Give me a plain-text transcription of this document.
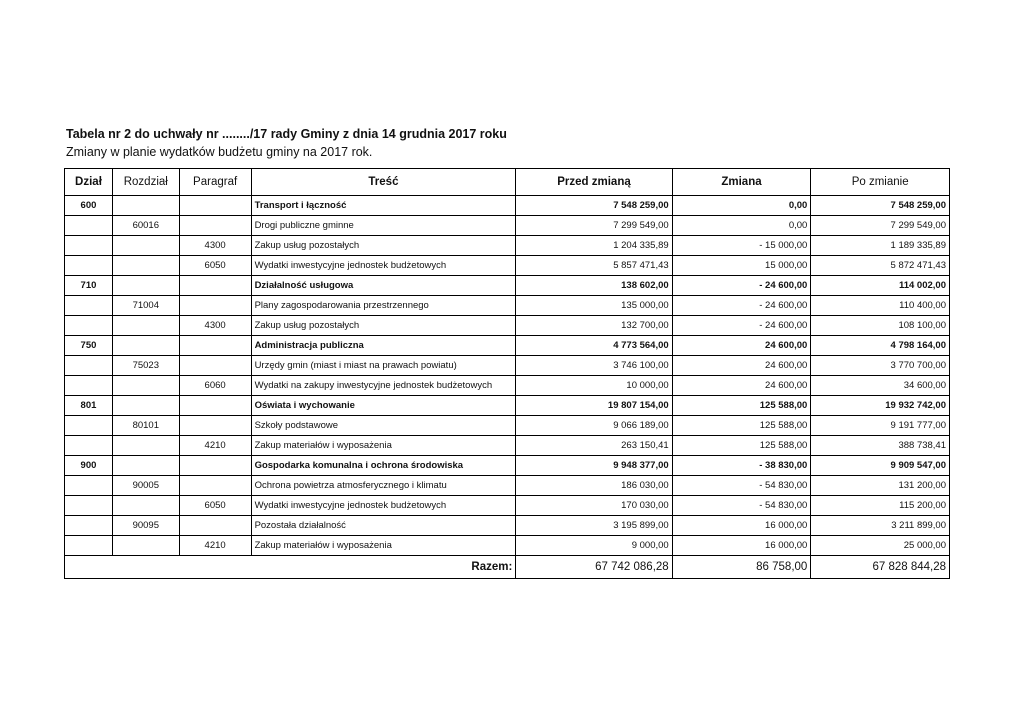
Tabela nr 2 do uchwały nr ......../17 rady Gminy z dnia 14 grudnia 2017 roku
Zmiany w planie wydatków budżetu gminy na 2017 rok.
Dział	Rozdział	Paragraf	Treść	Przed zmianą	Zmiana	Po zmianie
600			Transport i łączność	7 548 259,00	0,00	7 548 259,00
	60016		Drogi publiczne gminne	7 299 549,00	0,00	7 299 549,00
		4300	Zakup usług pozostałych	1 204 335,89	- 15 000,00	1 189 335,89
		6050	Wydatki inwestycyjne jednostek budżetowych	5 857 471,43	15 000,00	5 872 471,43
710			Działalność usługowa	138 602,00	- 24 600,00	114 002,00
	71004		Plany zagospodarowania przestrzennego	135 000,00	- 24 600,00	110 400,00
		4300	Zakup usług pozostałych	132 700,00	- 24 600,00	108 100,00
750			Administracja publiczna	4 773 564,00	24 600,00	4 798 164,00
	75023		Urzędy gmin (miast i miast na prawach powiatu)	3 746 100,00	24 600,00	3 770 700,00
		6060	Wydatki na zakupy inwestycyjne jednostek budżetowych	10 000,00	24 600,00	34 600,00
801			Oświata i wychowanie	19 807 154,00	125 588,00	19 932 742,00
	80101		Szkoły podstawowe	9 066 189,00	125 588,00	9 191 777,00
		4210	Zakup materiałów i wyposażenia	263 150,41	125 588,00	388 738,41
900			Gospodarka komunalna i ochrona środowiska	9 948 377,00	- 38 830,00	9 909 547,00
	90005		Ochrona powietrza atmosferycznego i klimatu	186 030,00	- 54 830,00	131 200,00
		6050	Wydatki inwestycyjne jednostek budżetowych	170 030,00	- 54 830,00	115 200,00
	90095		Pozostała działalność	3 195 899,00	16 000,00	3 211 899,00
		4210	Zakup materiałów i wyposażenia	9 000,00	16 000,00	25 000,00
Razem:				67 742 086,28	86 758,00	67 828 844,28
